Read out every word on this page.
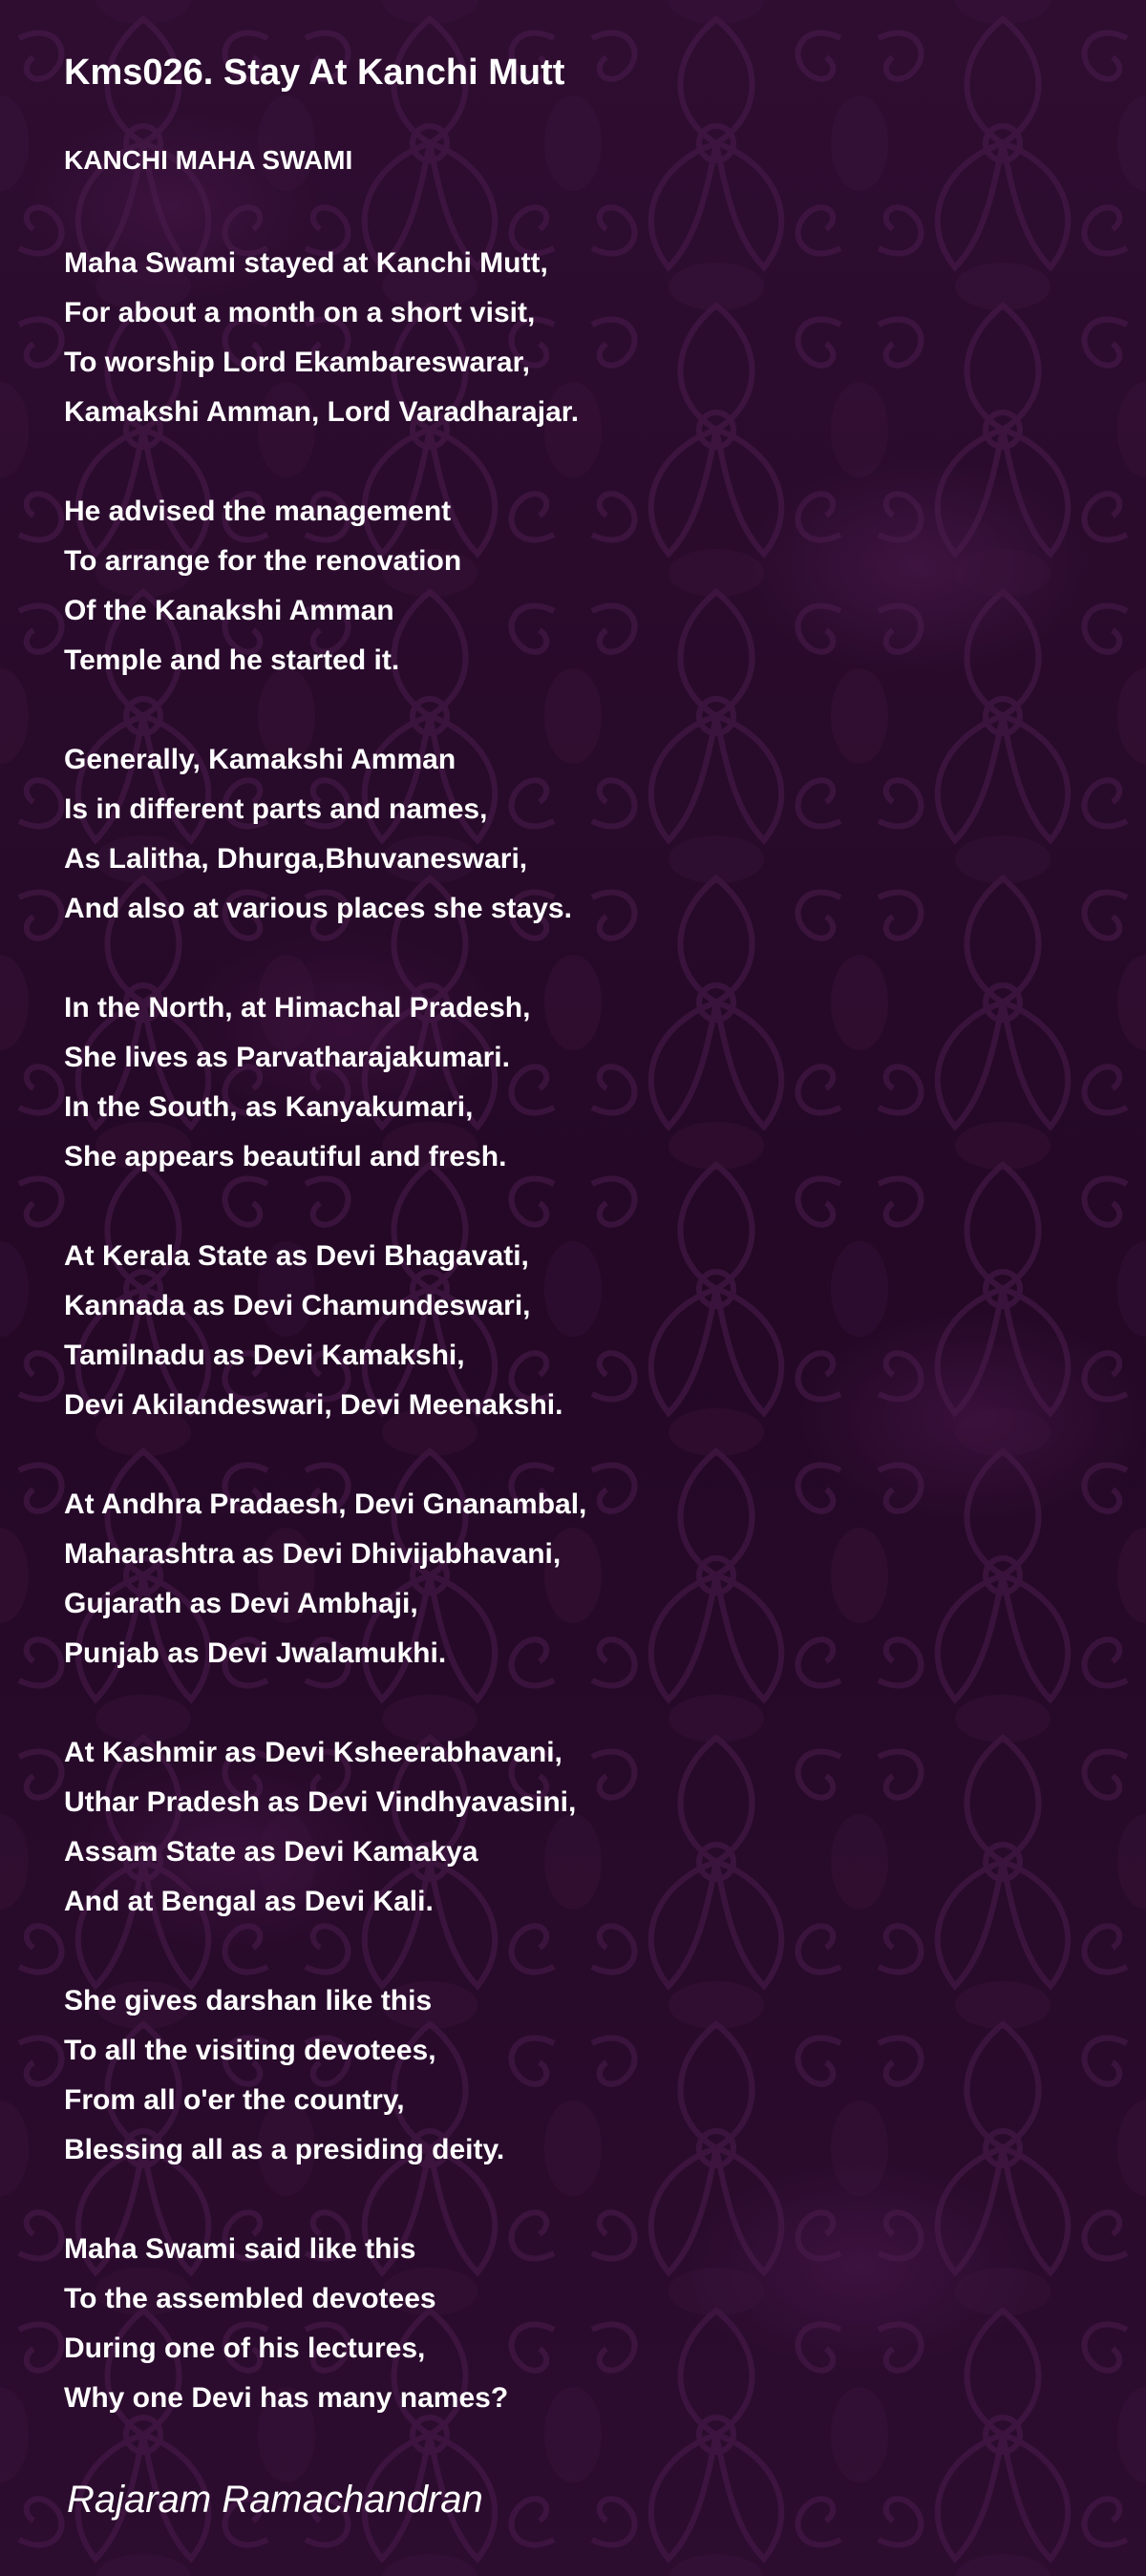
Kms026. Stay At Kanchi Mutt
KANCHI MAHA SWAMI

Maha Swami stayed at Kanchi Mutt,
For about a month on a short visit,
To worship Lord Ekambareswarar,
Kamakshi Amman, Lord Varadharajar.

He advised the management
To arrange for the renovation
Of the Kanakshi Amman
Temple and he started it.

Generally, Kamakshi Amman
Is in different parts and names,
As Lalitha, Dhurga,Bhuvaneswari,
And also at various places she stays.

In the North, at Himachal Pradesh,
She lives as Parvatharajakumari.
In the South, as Kanyakumari,
She appears beautiful and fresh.

At Kerala State as Devi Bhagavati,
Kannada as Devi Chamundeswari,
Tamilnadu as Devi Kamakshi,
Devi Akilandeswari, Devi Meenakshi.

At Andhra Pradaesh, Devi Gnanambal,
Maharashtra as Devi Dhivijabhavani,
Gujarath as Devi Ambhaji,
Punjab as Devi Jwalamukhi.

At Kashmir as Devi Ksheerabhavani,
Uthar Pradesh as Devi Vindhyavasini,
Assam State as Devi Kamakya
And at Bengal as Devi Kali.

She gives darshan like this
To all the visiting devotees,
From all o'er the country,
Blessing all as a presiding deity.

Maha Swami said like this
To the assembled devotees
During one of his lectures,
Why one Devi has many names?

Rajaram Ramachandran
